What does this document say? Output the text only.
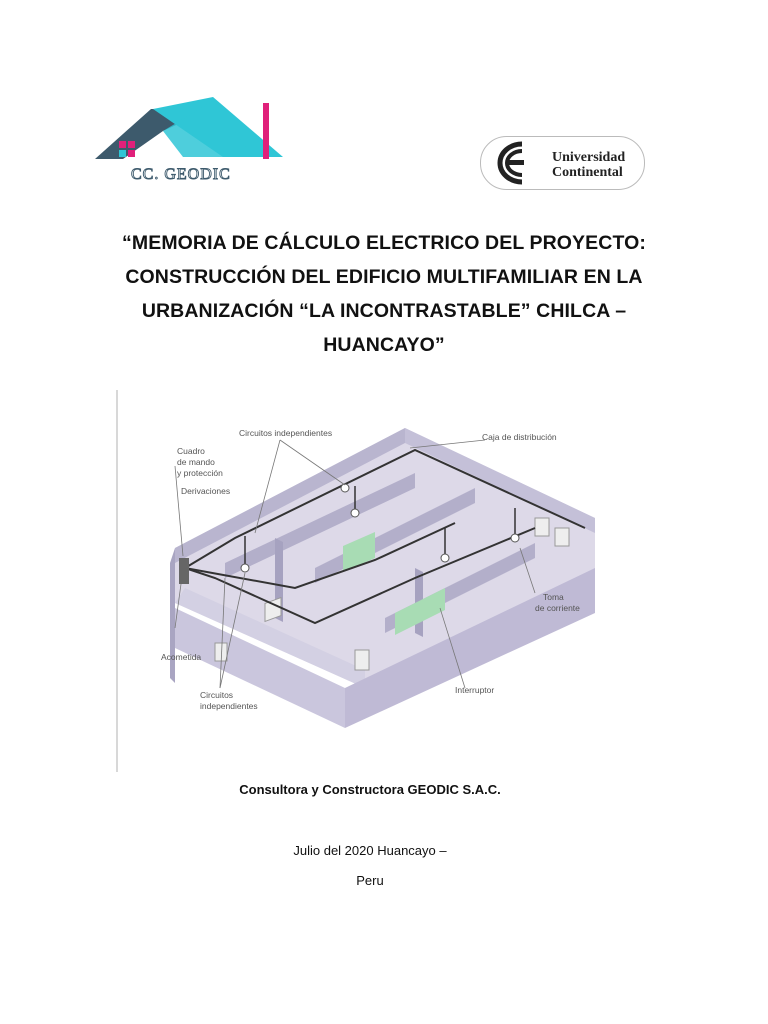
CC. GEODIC
Universidad
Continental
“MEMORIA DE CÁLCULO ELECTRICO DEL PROYECTO:
CONSTRUCCIÓN DEL EDIFICIO MULTIFAMILIAR EN LA
URBANIZACIÓN “LA INCONTRASTABLE” CHILCA –
HUANCAYO”
Circuitos independientes	Caja de distribución
Cuadro
de mando
y protección
Derivaciones
Toma
de corriente
Acometida
Interruptor
Circuitos
independientes
Consultora y Constructora GEODIC S.A.C.
Julio del 2020 Huancayo –
Peru
